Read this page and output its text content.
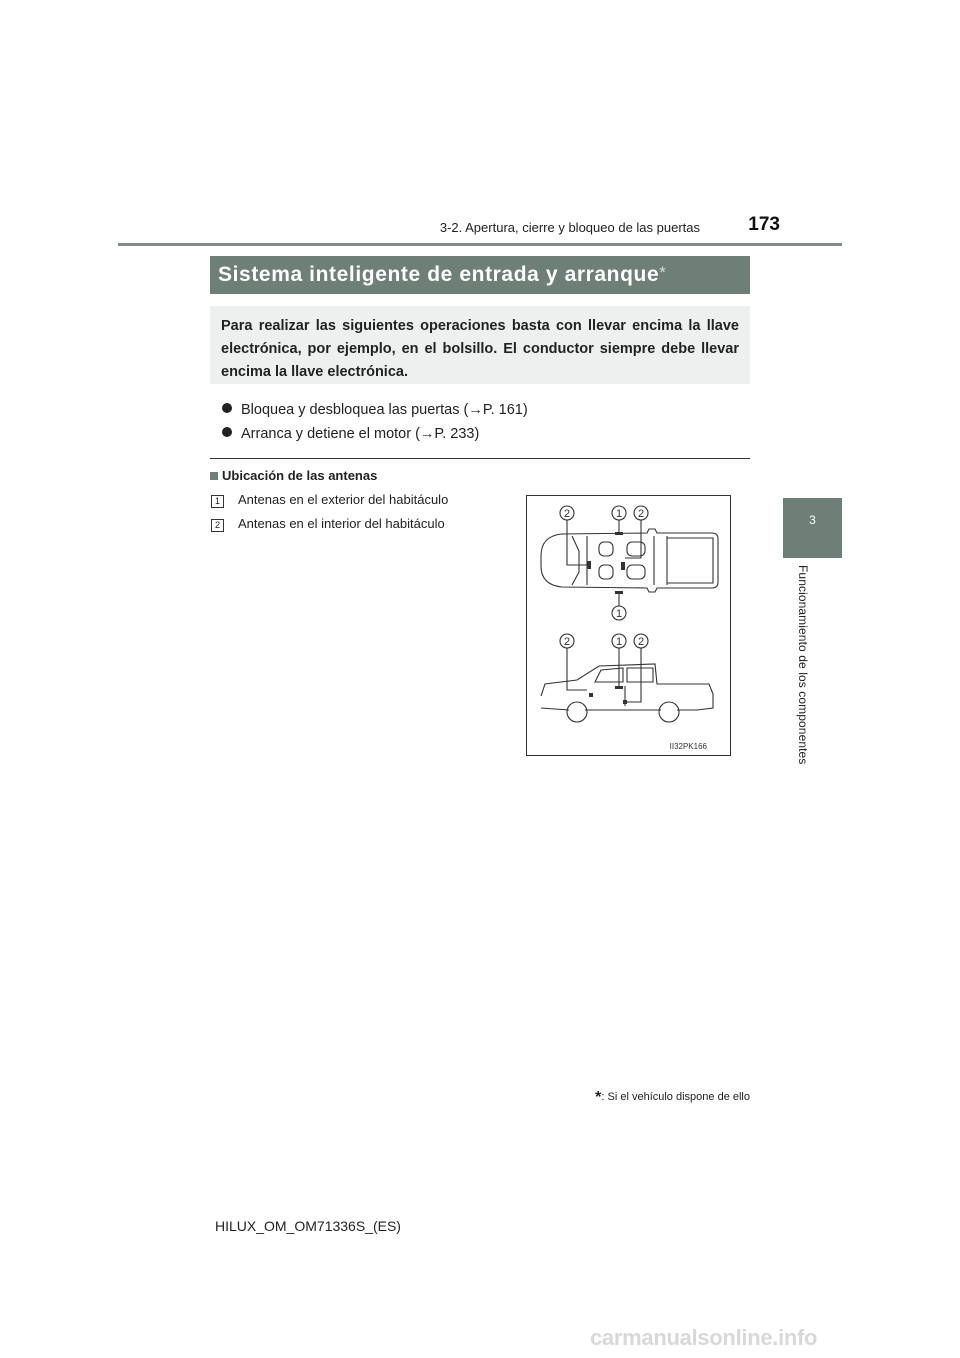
3-2. Apertura, cierre y bloqueo de las puertas	173
3
Funcionamiento de los componentes
Sistema inteligente de entrada y arranque*
Para realizar las siguientes operaciones basta con llevar encima la llave electrónica, por ejemplo, en el bolsillo. El conductor siempre debe llevar encima la llave electrónica.
Bloquea y desbloquea las puertas (→P. 161)
Arranca y detiene el motor (→P. 233)
Ubicación de las antenas
1 Antenas en el exterior del habitáculo
2 Antenas en el interior del habitáculo
2	1 2
1
2	1 2
II32PK166
*: Si el vehículo dispone de ello
HILUX_OM_OM71336S_(ES)
carmanualsonline.info
